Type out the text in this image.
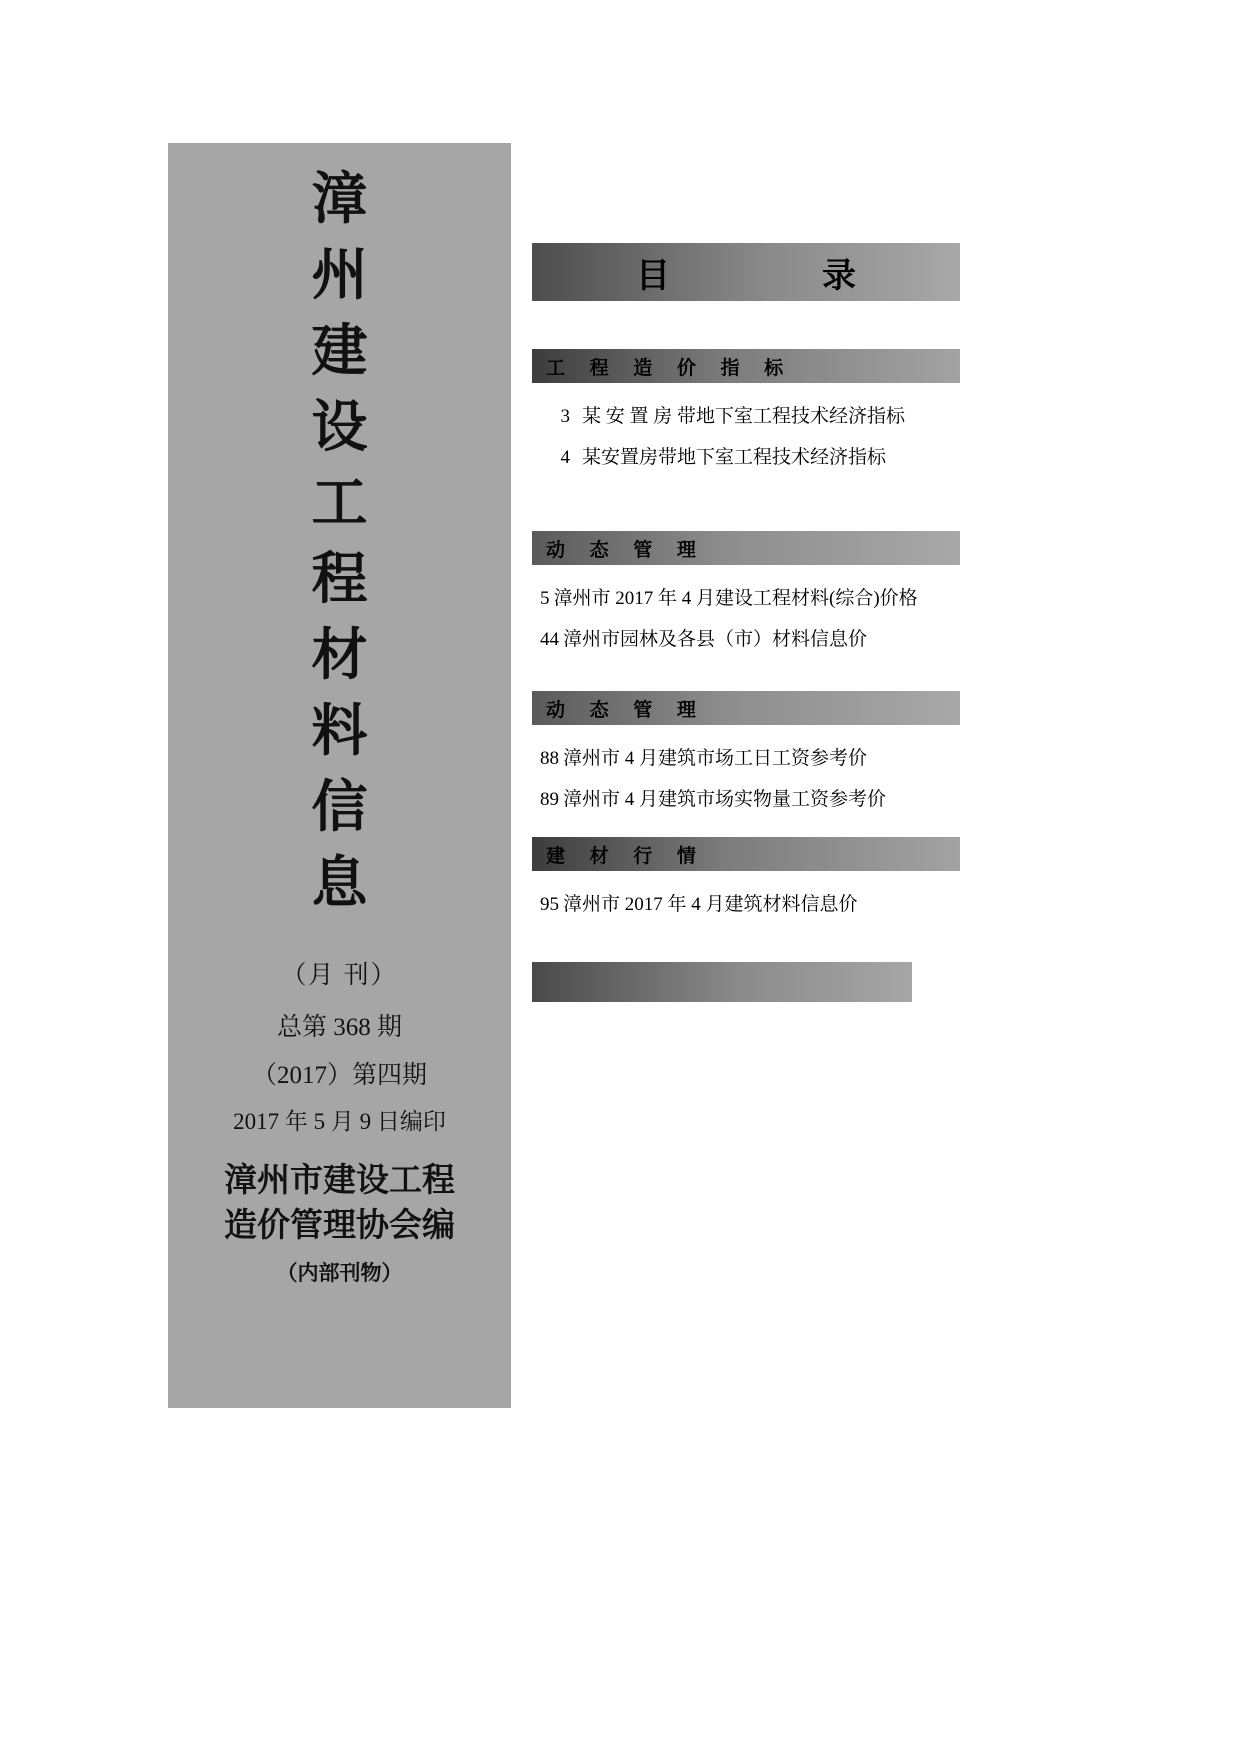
漳
州
建
设
工
程
材
料
信
息
（月 刊）
总第 368 期
（2017）第四期
2017 年 5 月 9 日编印
漳州市建设工程
造价管理协会编
（内部刊物）
目　　录
工 程 造 价 指 标
3 某 安 置 房 带地下室工程技术经济指标
4 某安置房带地下室工程技术经济指标
动 态 管 理
5 漳州市 2017 年 4 月建设工程材料(综合)价格
44 漳州市园林及各县（市）材料信息价
动 态 管 理
88 漳州市 4 月建筑市场工日工资参考价
89 漳州市 4 月建筑市场实物量工资参考价
建 材 行 情
95 漳州市 2017 年 4 月建筑材料信息价
